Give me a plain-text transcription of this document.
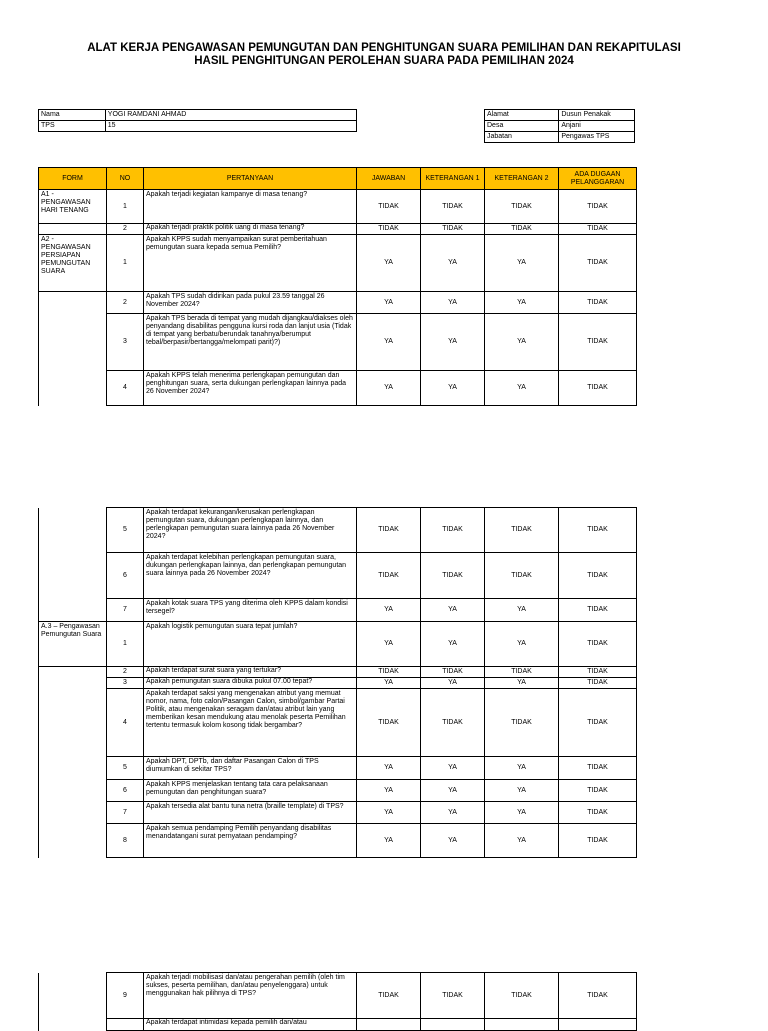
ALAT KERJA PENGAWASAN PEMUNGUTAN DAN PENGHITUNGAN SUARA PEMILIHAN DAN REKAPITULASI
HASIL PENGHITUNGAN PEROLEHAN SUARA PADA PEMILIHAN 2024
Nama	YOGI RAMDANI AHMAD
TPS	15
Alamat	Dusun Penakak
Desa	Anjani
Jabatan	Pengawas TPS
FORM	NO	PERTANYAAN	JAWABAN	KETERANGAN 1	KETERANGAN 2	ADA DUGAAN PELANGGARAN
A1 - PENGAWASAN HARI TENANG	1	Apakah terjadi kegiatan kampanye di masa tenang?	TIDAK	TIDAK	TIDAK	TIDAK
	2	Apakah terjadi praktik politik uang di masa tenang?	TIDAK	TIDAK	TIDAK	TIDAK
A2 - PENGAWASAN PERSIAPAN PEMUNGUTAN SUARA	1	Apakah KPPS sudah menyampaikan surat pemberitahuan pemungutan suara kepada semua Pemilih?	YA	YA	YA	TIDAK
	2	Apakah TPS sudah didirikan pada pukul 23.59 tanggal 26 November 2024?	YA	YA	YA	TIDAK
	3	Apakah TPS berada di tempat yang mudah dijangkau/diakses oleh penyandang disabilitas pengguna kursi roda dan lanjut usia (Tidak di tempat yang berbatu/berundak tanahnya/berumput tebal/berpasir/bertangga/melompati parit)?)	YA	YA	YA	TIDAK
	4	Apakah KPPS telah menerima perlengkapan pemungutan dan penghitungan suara, serta dukungan perlengkapan lainnya pada 26 November 2024?	YA	YA	YA	TIDAK
	5	Apakah terdapat kekurangan/kerusakan perlengkapan pemungutan suara, dukungan perlengkapan lainnya, dan perlengkapan pemungutan suara lainnya pada 26 November 2024?	TIDAK	TIDAK	TIDAK	TIDAK
	6	Apakah terdapat kelebihan perlengkapan pemungutan suara, dukungan perlengkapan lainnya, dan perlengkapan pemungutan suara lainnya pada 26 November 2024?	TIDAK	TIDAK	TIDAK	TIDAK
	7	Apakah kotak suara TPS yang diterima oleh KPPS dalam kondisi tersegel?	YA	YA	YA	TIDAK
A.3 – Pengawasan Pemungutan Suara	1	Apakah logistik pemungutan suara tepat jumlah?	YA	YA	YA	TIDAK
	2	Apakah terdapat surat suara yang tertukar?	TIDAK	TIDAK	TIDAK	TIDAK
	3	Apakah pemungutan suara dibuka pukul 07.00 tepat?	YA	YA	YA	TIDAK
	4	Apakah terdapat saksi yang mengenakan atribut yang memuat nomor, nama, foto calon/Pasangan Calon, simbol/gambar Partai Politik, atau mengenakan seragam dan/atau atribut lain yang memberikan kesan mendukung atau menolak peserta Pemilihan tertentu termasuk kolom kosong tidak bergambar?	TIDAK	TIDAK	TIDAK	TIDAK
	5	Apakah DPT, DPTb, dan daftar Pasangan Calon di TPS diumumkan di sekitar TPS?	YA	YA	YA	TIDAK
	6	Apakah KPPS menjelaskan tentang tata cara pelaksanaan pemungutan dan penghitungan suara?	YA	YA	YA	TIDAK
	7	Apakah tersedia alat bantu tuna netra (braille template) di TPS?	YA	YA	YA	TIDAK
	8	Apakah semua pendamping Pemilih penyandang disabilitas menandatangani surat pernyataan pendamping?	YA	YA	YA	TIDAK
	9	Apakah terjadi mobilisasi dan/atau pengerahan pemilih (oleh tim sukses, peserta pemilihan, dan/atau penyelenggara) untuk menggunakan hak pilihnya di TPS?	TIDAK	TIDAK	TIDAK	TIDAK
		Apakah terdapat intimidasi kepada pemilih dan/atau				
